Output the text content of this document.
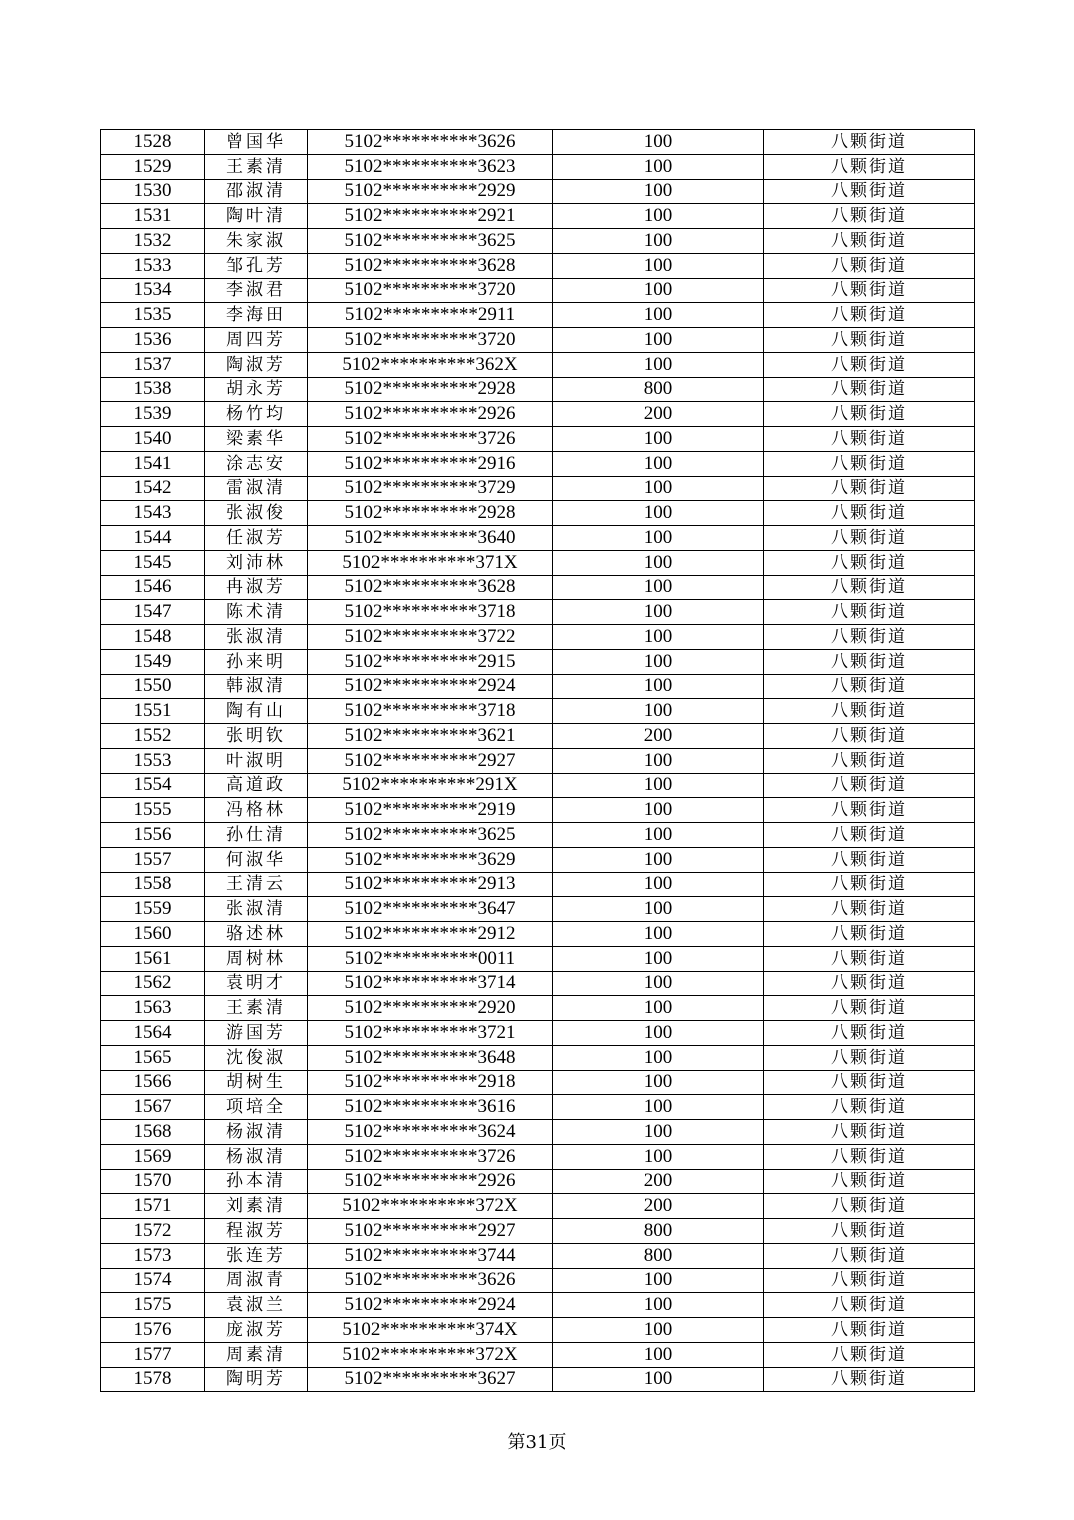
1528	曾国华	5102**********3626	100	八颗街道
1529	王素清	5102**********3623	100	八颗街道
1530	邵淑清	5102**********2929	100	八颗街道
1531	陶叶清	5102**********2921	100	八颗街道
1532	朱家淑	5102**********3625	100	八颗街道
1533	邹孔芳	5102**********3628	100	八颗街道
1534	李淑君	5102**********3720	100	八颗街道
1535	李海田	5102**********2911	100	八颗街道
1536	周四芳	5102**********3720	100	八颗街道
1537	陶淑芳	5102**********362X	100	八颗街道
1538	胡永芳	5102**********2928	800	八颗街道
1539	杨竹均	5102**********2926	200	八颗街道
1540	梁素华	5102**********3726	100	八颗街道
1541	涂志安	5102**********2916	100	八颗街道
1542	雷淑清	5102**********3729	100	八颗街道
1543	张淑俊	5102**********2928	100	八颗街道
1544	任淑芳	5102**********3640	100	八颗街道
1545	刘沛林	5102**********371X	100	八颗街道
1546	冉淑芳	5102**********3628	100	八颗街道
1547	陈术清	5102**********3718	100	八颗街道
1548	张淑清	5102**********3722	100	八颗街道
1549	孙来明	5102**********2915	100	八颗街道
1550	韩淑清	5102**********2924	100	八颗街道
1551	陶有山	5102**********3718	100	八颗街道
1552	张明钦	5102**********3621	200	八颗街道
1553	叶淑明	5102**********2927	100	八颗街道
1554	高道政	5102**********291X	100	八颗街道
1555	冯格林	5102**********2919	100	八颗街道
1556	孙仕清	5102**********3625	100	八颗街道
1557	何淑华	5102**********3629	100	八颗街道
1558	王清云	5102**********2913	100	八颗街道
1559	张淑清	5102**********3647	100	八颗街道
1560	骆述林	5102**********2912	100	八颗街道
1561	周树林	5102**********0011	100	八颗街道
1562	袁明才	5102**********3714	100	八颗街道
1563	王素清	5102**********2920	100	八颗街道
1564	游国芳	5102**********3721	100	八颗街道
1565	沈俊淑	5102**********3648	100	八颗街道
1566	胡树生	5102**********2918	100	八颗街道
1567	项培全	5102**********3616	100	八颗街道
1568	杨淑清	5102**********3624	100	八颗街道
1569	杨淑清	5102**********3726	100	八颗街道
1570	孙本清	5102**********2926	200	八颗街道
1571	刘素清	5102**********372X	200	八颗街道
1572	程淑芳	5102**********2927	800	八颗街道
1573	张连芳	5102**********3744	800	八颗街道
1574	周淑青	5102**********3626	100	八颗街道
1575	袁淑兰	5102**********2924	100	八颗街道
1576	庞淑芳	5102**********374X	100	八颗街道
1577	周素清	5102**********372X	100	八颗街道
1578	陶明芳	5102**********3627	100	八颗街道
第31页
